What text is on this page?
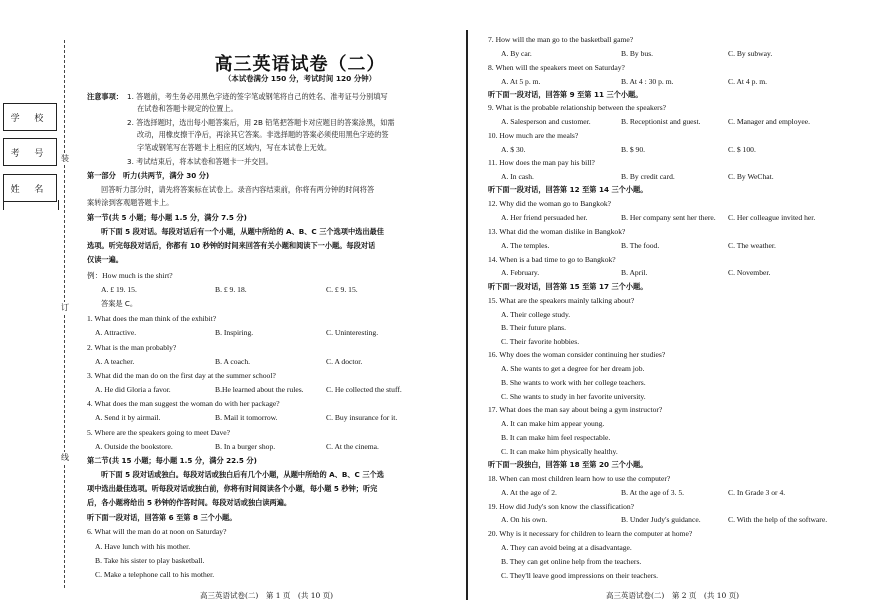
学 校
考 号
姓 名
装
订
线
高三英语试卷（二）
（本试卷满分 150 分，考试时间 120 分钟）
注意事项： 1. 答题前，考生务必用黑色字迹的签字笔或钢笔将自己的姓名、准考证号分别填写
在试卷和答题卡规定的位置上。
2. 答选择题时，选出每小题答案后，用 2B 铅笔把答题卡对应题目的答案涂黑，如需
改动，用橡皮擦干净后，再涂其它答案。非选择题的答案必须使用黑色字迹的签
字笔或钢笔写在答题卡上相应的区域内，写在本试卷上无效。
3. 考试结束后，将本试卷和答题卡一并交回。
第一部分　听力(共两节，满分 30 分)
回答听力部分时，请先将答案标在试卷上。录音内容结束前，你将有两分钟的时间将答
案转涂到客观题答题卡上。
第一节(共 5 小题；每小题 1.5 分，满分 7.5 分)
听下面 5 段对话。每段对话后有一个小题，从题中所给的 A、B、C 三个选项中选出最佳
选项。听完每段对话后，你都有 10 秒钟的时间来回答有关小题和阅读下一小题。每段对话
仅读一遍。
例：How much is the shirt?
A. £ 19. 15.	B. £ 9. 18.	C. £ 9. 15.
答案是 C。
1. What does the man think of the exhibit?
A. Attractive.	B. Inspiring.	C. Uninteresting.
2. What is the man probably?
A. A teacher.	B. A coach.	C. A doctor.
3. What did the man do on the first day at the summer school?
A. He did Gloria a favor.	B.He learned about the rules.	C. He collected the stuff.
4. What does the man suggest the woman do with her package?
A. Send it by airmail.	B. Mail it tomorrow.	C. Buy insurance for it.
5. Where are the speakers going to meet Dave?
A. Outside the bookstore.	B. In a burger shop.	C. At the cinema.
第二节(共 15 小题；每小题 1.5 分，满分 22.5 分)
听下面 5 段对话或独白。每段对话或独白后有几个小题，从题中所给的 A、B、C 三个选
项中选出最佳选项。听每段对话或独白前，你将有时间阅读各个小题，每小题 5 秒钟；听完
后，各小题将给出 5 秒钟的作答时间。每段对话或独白读两遍。
听下面一段对话，回答第 6 至第 8 三个小题。
6. What will the man do at noon on Saturday?
A. Have lunch with his mother.
B. Take his sister to play basketball.
C. Make a telephone call to his mother.
7. How will the man go to the basketball game?
A. By car.	B. By bus.	C. By subway.
8. When will the speakers meet on Saturday?
A. At 5 p. m.	B. At 4 : 30 p. m.	C. At 4 p. m.
听下面一段对话，回答第 9 至第 11 三个小题。
9. What is the probable relationship between the speakers?
A. Salesperson and customer.	B. Receptionist and guest.	C. Manager and employee.
10. How much are the meals?
A. $ 30.	B. $ 90.	C. $ 100.
11. How does the man pay his bill?
A. In cash.	B. By credit card.	C. By WeChat.
听下面一段对话，回答第 12 至第 14 三个小题。
12. Why did the woman go to Bangkok?
A. Her friend persuaded her.	B. Her company sent her there. C. Her colleague invited her.
13. What did the woman dislike in Bangkok?
A. The temples.	B. The food.	C. The weather.
14. When is a bad time to go to Bangkok?
A. February.	B. April.	C. November.
听下面一段对话，回答第 15 至第 17 三个小题。
15. What are the speakers mainly talking about?
A. Their college study.
B. Their future plans.
C. Their favorite hobbies.
16. Why does the woman consider continuing her studies?
A. She wants to get a degree for her dream job.
B. She wants to work with her college teachers.
C. She wants to study in her favorite university.
17. What does the man say about being a gym instructor?
A. It can make him appear young.
B. It can make him feel respectable.
C. It can make him physically healthy.
听下面一段独白，回答第 18 至第 20 三个小题。
18. When can most children learn how to use the computer?
A. At the age of 2.	B. At the age of 3. 5.	C. In Grade 3 or 4.
19. How did Judy's son know the classification?
A. On his own.	B. Under Judy's guidance.	C. With the help of the software.
20. Why is it necessary for children to learn the computer at home?
A. They can avoid being at a disadvantage.
B. They can get online help from the teachers.
C. They'll leave good impressions on their teachers.
高三英语试卷(二)　第 1 页　(共 10 页)	高三英语试卷(二)　第 2 页　(共 10 页)
